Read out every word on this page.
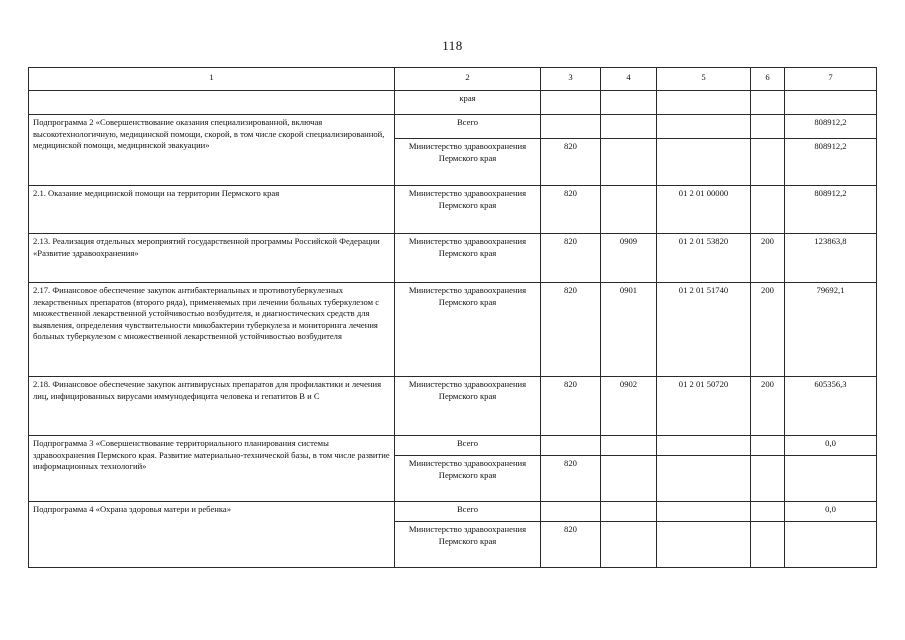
118
1	2	3	4	5	6	7
	края					
Подпрограмма 2 «Совершенствование оказания специализированной, включая высокотехнологичную, медицинской помощи, скорой, в том числе скорой специализированной, медицинской помощи, медицинской эвакуации»	Всего					808912,2
	Министерство здравоохранения Пермского края	820				808912,2
2.1. Оказание медицинской помощи на территории Пермского края	Министерство здравоохранения Пермского края	820		01 2 01 00000		808912,2
2.13. Реализация отдельных мероприятий государственной программы Российской Федерации «Развитие здравоохранения»	Министерство здравоохранения Пермского края	820	0909	01 2 01 53820	200	123863,8
2.17. Финансовое обеспечение закупок антибактериальных и противотуберкулезных лекарственных препаратов (второго ряда), применяемых при лечении больных туберкулезом с множественной лекарственной устойчивостью возбудителя, и диагностических средств для выявления, определения чувствительности микобактерии туберкулеза и мониторинга лечения больных туберкулезом с множественной лекарственной устойчивостью возбудителя	Министерство здравоохранения Пермского края	820	0901	01 2 01 51740	200	79692,1
2.18. Финансовое обеспечение закупок антивирусных препаратов для профилактики и лечения лиц, инфицированных вирусами иммунодефицита человека и гепатитов В и С	Министерство здравоохранения Пермского края	820	0902	01 2 01 50720	200	605356,3
Подпрограмма 3 «Совершенствование территориального планирования системы здравоохранения Пермского края. Развитие материально-технической базы, в том числе развитие информационных технологий»	Всего					0,0
	Министерство здравоохранения Пермского края	820				
Подпрограмма 4 «Охрана здоровья матери и ребенка»	Всего					0,0
	Министерство здравоохранения Пермского края	820				
